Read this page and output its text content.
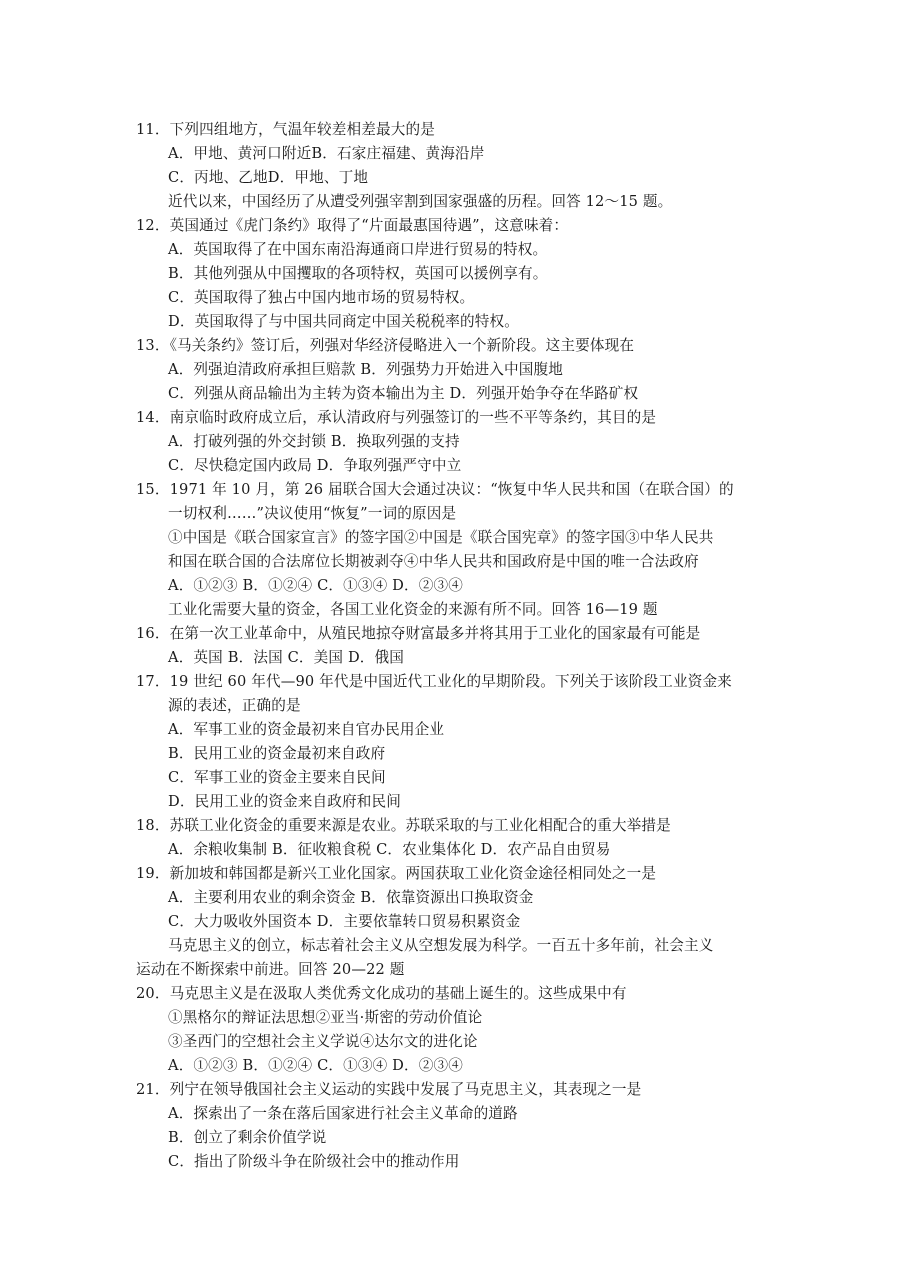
11．下列四组地方，气温年较差相差最大的是
A．甲地、黄河口附近B．石家庄福建、黄海沿岸
C．丙地、乙地D．甲地、丁地
近代以来，中国经历了从遭受列强宰割到国家强盛的历程。回答 12～15 题。
12．英国通过《虎门条约》取得了“片面最惠国待遇”，这意味着：
A．英国取得了在中国东南沿海通商口岸进行贸易的特权。
B．其他列强从中国攫取的各项特权，英国可以援例享有。
C．英国取得了独占中国内地市场的贸易特权。
D．英国取得了与中国共同商定中国关税税率的特权。
13．《马关条约》签订后，列强对华经济侵略进入一个新阶段。这主要体现在
A．列强迫清政府承担巨赔款 B．列强势力开始进入中国腹地
C．列强从商品输出为主转为资本输出为主 D．列强开始争夺在华路矿权
14．南京临时政府成立后，承认清政府与列强签订的一些不平等条约，其目的是
A．打破列强的外交封锁 B．换取列强的支持
C．尽快稳定国内政局 D．争取列强严守中立
15．1971 年 10 月，第 26 届联合国大会通过决议：“恢复中华人民共和国（在联合国）的
一切权利……”决议使用“恢复”一词的原因是
①中国是《联合国家宣言》的签字国②中国是《联合国宪章》的签字国③中华人民共
和国在联合国的合法席位长期被剥夺④中华人民共和国政府是中国的唯一合法政府
A．①②③ B．①②④ C．①③④ D．②③④
工业化需要大量的资金，各国工业化资金的来源有所不同。回答 16—19 题
16．在第一次工业革命中，从殖民地掠夺财富最多并将其用于工业化的国家最有可能是
A．英国 B．法国 C．美国 D．俄国
17．19 世纪 60 年代—90 年代是中国近代工业化的早期阶段。下列关于该阶段工业资金来
源的表述，正确的是
A．军事工业的资金最初来自官办民用企业
B．民用工业的资金最初来自政府
C．军事工业的资金主要来自民间
D．民用工业的资金来自政府和民间
18．苏联工业化资金的重要来源是农业。苏联采取的与工业化相配合的重大举措是
A．余粮收集制 B．征收粮食税 C．农业集体化 D．农产品自由贸易
19．新加坡和韩国都是新兴工业化国家。两国获取工业化资金途径相同处之一是
A．主要利用农业的剩余资金 B．依靠资源出口换取资金
C．大力吸收外国资本 D．主要依靠转口贸易积累资金
马克思主义的创立，标志着社会主义从空想发展为科学。一百五十多年前，社会主义
运动在不断探索中前进。回答 20—22 题
20．马克思主义是在汲取人类优秀文化成功的基础上诞生的。这些成果中有
①黑格尔的辩证法思想②亚当·斯密的劳动价值论
③圣西门的空想社会主义学说④达尔文的进化论
A．①②③ B．①②④ C．①③④ D．②③④
21．列宁在领导俄国社会主义运动的实践中发展了马克思主义，其表现之一是
A．探索出了一条在落后国家进行社会主义革命的道路
B．创立了剩余价值学说
C．指出了阶级斗争在阶级社会中的推动作用
